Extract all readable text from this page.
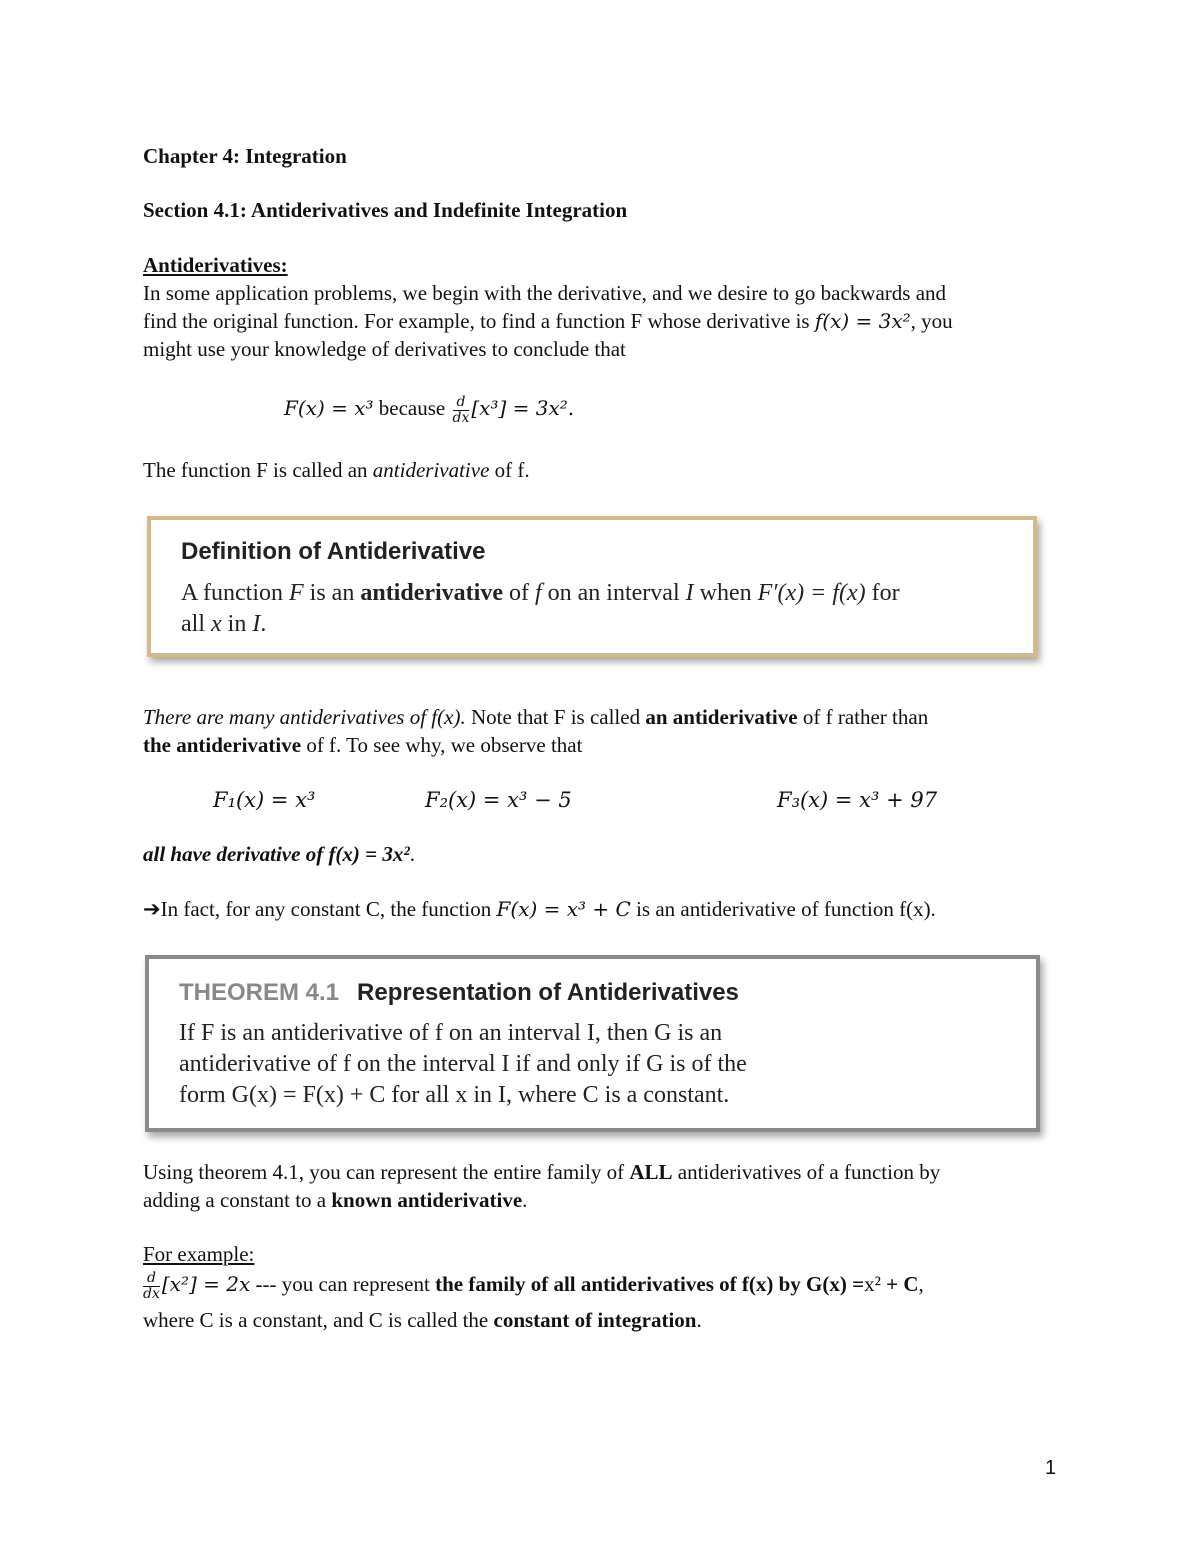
Chapter 4: Integration
Section 4.1: Antiderivatives and Indefinite Integration
Antiderivatives:
In some application problems, we begin with the derivative, and we desire to go backwards and
find the original function. For example, to find a function F whose derivative is f(x) = 3x², you
might use your knowledge of derivatives to conclude that
F(x) = x³ because $\frac{d}{dx} [x^3] = 3x^2$.
The function F is called an antiderivative of f.
Definition of Antiderivative
A function F is an antiderivative of f on an interval I when F′(x) = f(x) for
all x in I.
There are many antiderivatives of f(x). Note that F is called an antiderivative of f rather than
the antiderivative of f. To see why, we observe that
F₁(x) = x³	F₂(x) = x³ − 5	F₃(x) = x³ + 97
all have derivative of f(x) = 3x².
➔In fact, for any constant C, the function F(x) = x³ + C is an antiderivative of function f(x).
THEOREM 4.1 Representation of Antiderivatives
If F is an antiderivative of f on an interval I, then G is an
antiderivative of f on the interval I if and only if G is of the
form G(x) = F(x) + C for all x in I, where C is a constant.
Using theorem 4.1, you can represent the entire family of ALL antiderivatives of a function by
adding a constant to a known antiderivative.
For example:
$\frac{d}{dx} [x^2] = 2x$ --- you can represent the family of all antiderivatives of f(x) by G(x) =x² + C,
where C is a constant, and C is called the constant of integration.
1
